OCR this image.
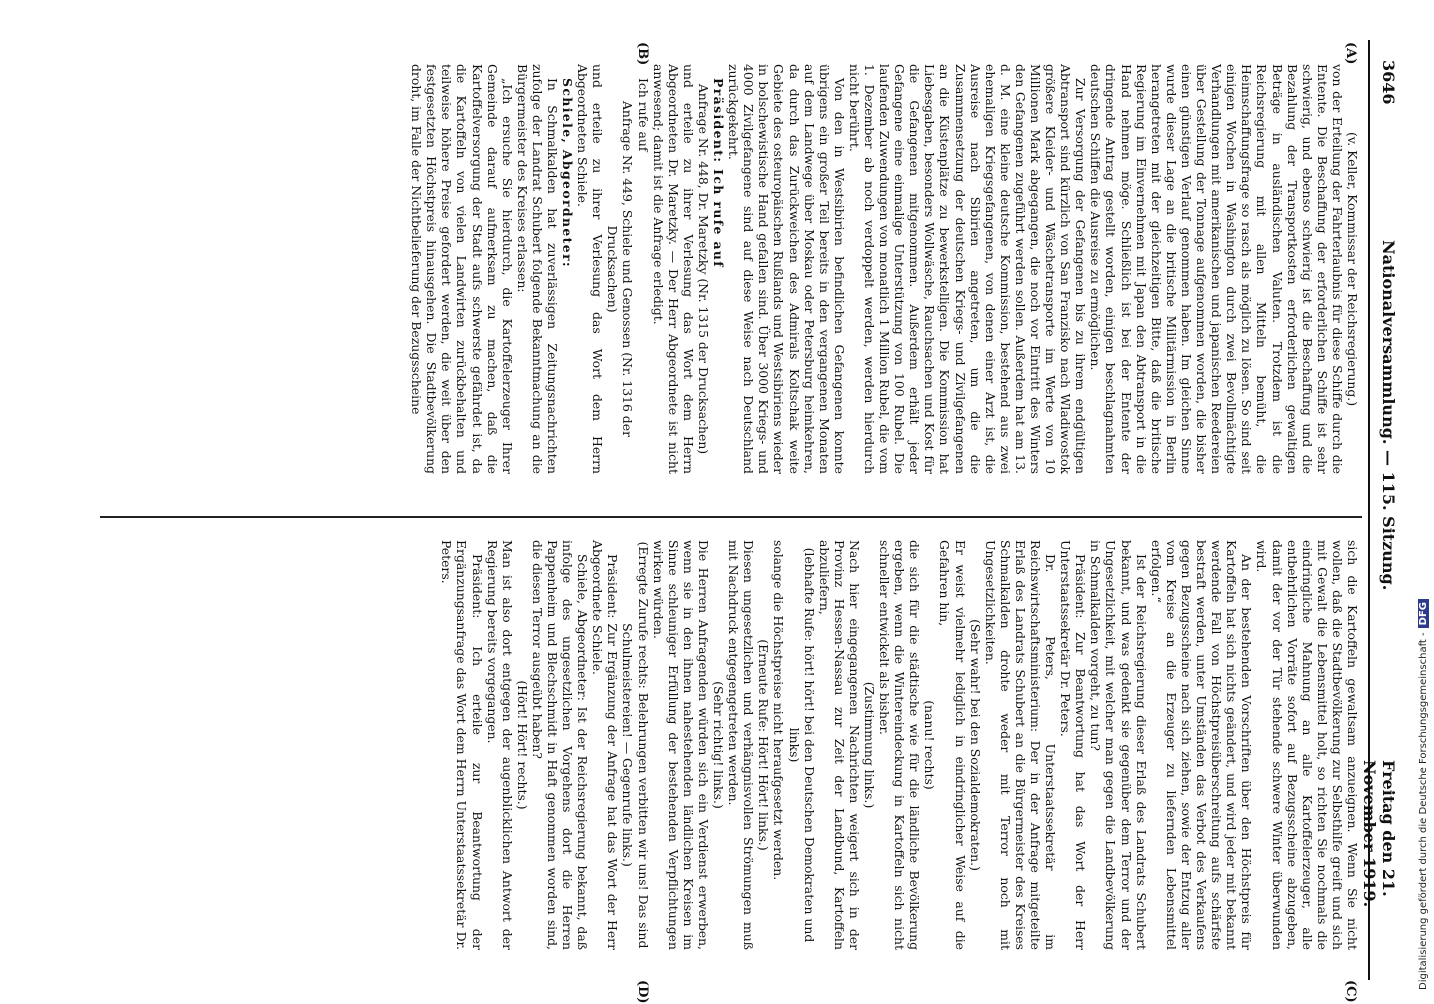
3646
Nationalversammlung. — 115. Sitzung.
Freitag den 21. November 1919.
(A)
(B)
(C)
(D)

(v. Keller, Kommissar der Reichsregierung.)

von der Erteilung der Fahrterlaubnis für diese Schiffe durch die Entente. Die Beschaffung der erforderlichen Schiffe ist sehr schwierig, und ebenso schwierig ist die Beschaffung und die Bezahlung der Transportkosten erforderlichen gewaltigen Beträge in ausländischen Valuten. Trotzdem ist die Reichsregierung mit allen Mitteln bemüht, die Heimschaffungsfrage so rasch als möglich zu lösen. So sind seit einigen Wochen in Washington durch zwei Bevollmächtigte Verhandlungen mit amerikanischen und japanischen Reedereien über Gestellung der Tonnage aufgenommen worden, die bisher einen günstigen Verlauf genommen haben. Im gleichen Sinne wurde dieser Lage an die britische Militärmission in Berlin herangetreten mit der gleichzeitigen Bitte, daß die britische Regierung im Einvernehmen mit Japan den Abtransport in die Hand nehmen möge. Schließlich ist bei der Entente der dringende Antrag gestellt worden, einigen beschlagnahmten deutschen Schiffen die Ausreise zu ermöglichen.

Zur Versorgung der Gefangenen bis zu ihrem endgültigen Abtransport sind kürzlich von San Franzisko nach Wladiwostok größere Kleider- und Wäschetransporte im Werte von 10 Millionen Mark abgegangen, die noch vor Eintritt des Winters den Gefangenen zugeführt werden sollen. Außerdem hat am 13. d. M. eine kleine deutsche Kommission, bestehend aus zwei ehemaligen Kriegsgefangenen, von denen einer Arzt ist, die Ausreise nach Sibirien angetreten, um die die Zusammensetzung der deutschen Kriegs- und Zivilgefangenen an die Küstenplätze zu bewerkstelligen. Die Kommission hat Liebesgaben, besonders Wollwäsche, Rauchsachen und Kost für die Gefangenen mitgenommen. Außerdem erhält jeder Gefangene eine einmalige Unterstützung von 100 Rubel. Die laufenden Zuwendungen von monatlich 1 Million Rubel, die vom 1. Dezember ab noch verdoppelt werden, werden hierdurch nicht berührt.

Von den in Westsibirien befindlichen Gefangenen konnte übrigens ein großer Teil bereits in den vergangenen Monaten auf dem Landwege über Moskau oder Petersburg heimkehren, da durch das Zurückweichen des Admirals Koltschak weite Gebiete des osteuropäischen Rußlands und Westsibiriens wieder in bolschewistische Hand gefallen sind. Über 3000 Kriegs- und 4000 Zivilgefangene sind auf diese Weise nach Deutschland zurückgekehrt.

Präsident: Ich rufe auf

Anfrage Nr. 448, Dr. Maretzky (Nr. 1315 der Drucksachen)

und erteile zu ihrer Verlesung das Wort dem Herrn Abgeordneten Dr. Maretzky. — Der Herr Abgeordnete ist nicht anwesend; damit ist die Anfrage erledigt.

Ich rufe auf

Anfrage Nr. 449, Schiele und Genossen (Nr. 1316 der Drucksachen)

und erteile zu ihrer Verlesung das Wort dem Herrn Abgeordneten Schiele.

Schiele, Abgeordneter:

In Schmalkalden hat zuverlässigen Zeitungsnachrichten zufolge der Landrat Schubert folgende Bekanntmachung an die Bürgermeister des Kreises erlassen:

„Ich ersuche Sie hierdurch, die Kartoffelerzeuger Ihrer Gemeinde darauf aufmerksam zu machen, daß die Kartoffelversorgung der Stadt aufs schwerste gefährdet ist, da die Kartoffeln von vielen Landwirten zurückbehalten und teilweise höhere Preise gefordert werden, die weit über den festgesetzten Höchstpreis hinausgehen. Die Stadtbevölkerung droht, im Falle der Nichtbelieferung der Bezugsscheine

sich die Kartoffeln gewaltsam anzueignen. Wenn Sie nicht wollen, daß die Stadtbevölkerung zur Selbsthilfe greift und sich mit Gewalt die Lebensmittel holt, so richten Sie nochmals die eindringliche Mahnung an alle Kartoffelerzeuger, alle entbehrlichen Vorräte sofort auf Bezugsscheine abzugeben, damit der vor der Tür stehende schwere Winter überwunden wird.

An der bestehenden Vorschriften über den Höchstpreis für Kartoffeln hat sich nichts geändert, und wird jeder mit bekannt werdende Fall von Höchstpreisüberschreitung aufs schärfste bestraft werden, unter Umständen das Verbot des Verkaufens gegen Bezugsscheine nach sich ziehen, sowie der Entzug aller vom Kreise an die Erzeuger zu liefernden Lebensmittel erfolgen.“

Ist der Reichsregierung dieser Erlaß des Landrats Schubert bekannt, und was gedenkt sie gegenüber dem Terror und der Ungesetzlichkeit, mit welcher man gegen die Landbevölkerung in Schmalkalden vorgeht, zu tun?

Präsident: Zur Beantwortung hat das Wort der Herr Unterstaatssekretär Dr. Peters.

Dr. Peters, Unterstaatssekretär im Reichswirtschaftsministerium: Der in der Anfrage mitgeteilte Erlaß des Landrats Schubert an die Bürgermeister des Kreises Schmalkalden drohte weder mit Terror noch mit Ungesetzlichkeiten.

(Sehr wahr! bei den Sozialdemokraten.)

Er weist vielmehr lediglich in eindringlicher Weise auf die Gefahren hin,

(nanu! rechts)

die sich für die städtische wie für die ländliche Bevölkerung ergeben, wenn die Wintereindeckung in Kartoffeln sich nicht schneller entwickelt als bisher.

(Zustimmung links.)

Nach hier eingegangenen Nachrichten weigert sich in der Provinz Hessen-Nassau zur Zeit der Landbund, Kartoffeln abzuliefern,

(lebhafte Rufe: hört! hört! bei den Deutschen Demokraten und links)

solange die Höchstpreise nicht heraufgesetzt werden.

(Erneute Rufe: Hört! Hört! links.)

Diesen ungesetzlichen und verhängnisvollen Strömungen muß mit Nachdruck entgegengetreten werden.

(Sehr richtig! links.)

Die Herren Anfragenden würden sich ein Verdienst erwerben, wenn sie in den ihnen nahestehenden ländlichen Kreisen im Sinne schleuniger Erfüllung der bestehenden Verpflichtungen wirken würden.

(Erregte Zurufe rechts: Belehrungen verbitten wir uns! Das sind Schulmeistereien! — Gegenrufe links.)

Präsident: Zur Ergänzung der Anfrage hat das Wort der Herr Abgeordnete Schiele.

Schiele, Abgeordneter: Ist der Reichsregierung bekannt, daß infolge des ungesetzlichen Vorgehens dort die Herren Pappenheim und Blechschmidt in Haft genommen worden sind, die diesen Terror ausgeübt haben?

(Hört! Hört! rechts.)

Man ist also dort entgegen der augenblicklichen Antwort der Regierung bereits vorgegangen.

Präsident: Ich erteile zur Beantwortung der Ergänzungsanfrage das Wort dem Herrn Unterstaatssekretär Dr. Peters.

Digitalisierung gefördert durch die Deutsche Forschungsgemeinschaft -DFG
